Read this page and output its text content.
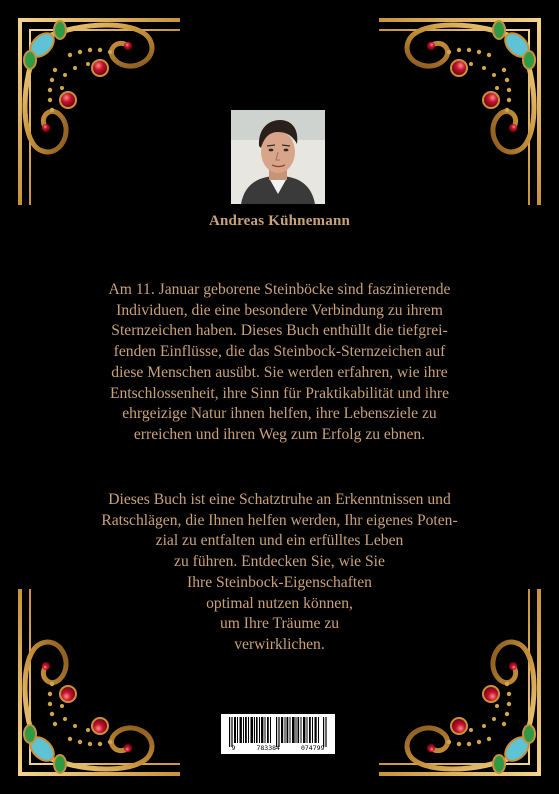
Andreas Kühnemann

Am 11. Januar geborene Steinböcke sind faszinierende
Individuen, die eine besondere Verbindung zu ihrem
Sternzeichen haben. Dieses Buch enthüllt die tiefgrei-
fenden Einflüsse, die das Steinbock-Sternzeichen auf
diese Menschen ausübt. Sie werden erfahren, wie ihre
Entschlossenheit, ihre Sinn für Praktikabilität und ihre
ehrgeizige Natur ihnen helfen, ihre Lebensziele zu
erreichen und ihren Weg zum Erfolg zu ebnen.

Dieses Buch ist eine Schatztruhe an Erkenntnissen und
Ratschlägen, die Ihnen helfen werden, Ihr eigenes Poten-
zial zu entfalten und ein erfülltes Leben
zu führen. Entdecken Sie, wie Sie
Ihre Steinbock-Eigenschaften
optimal nutzen können,
um Ihre Träume zu
verwirklichen.

9	783384	074799
